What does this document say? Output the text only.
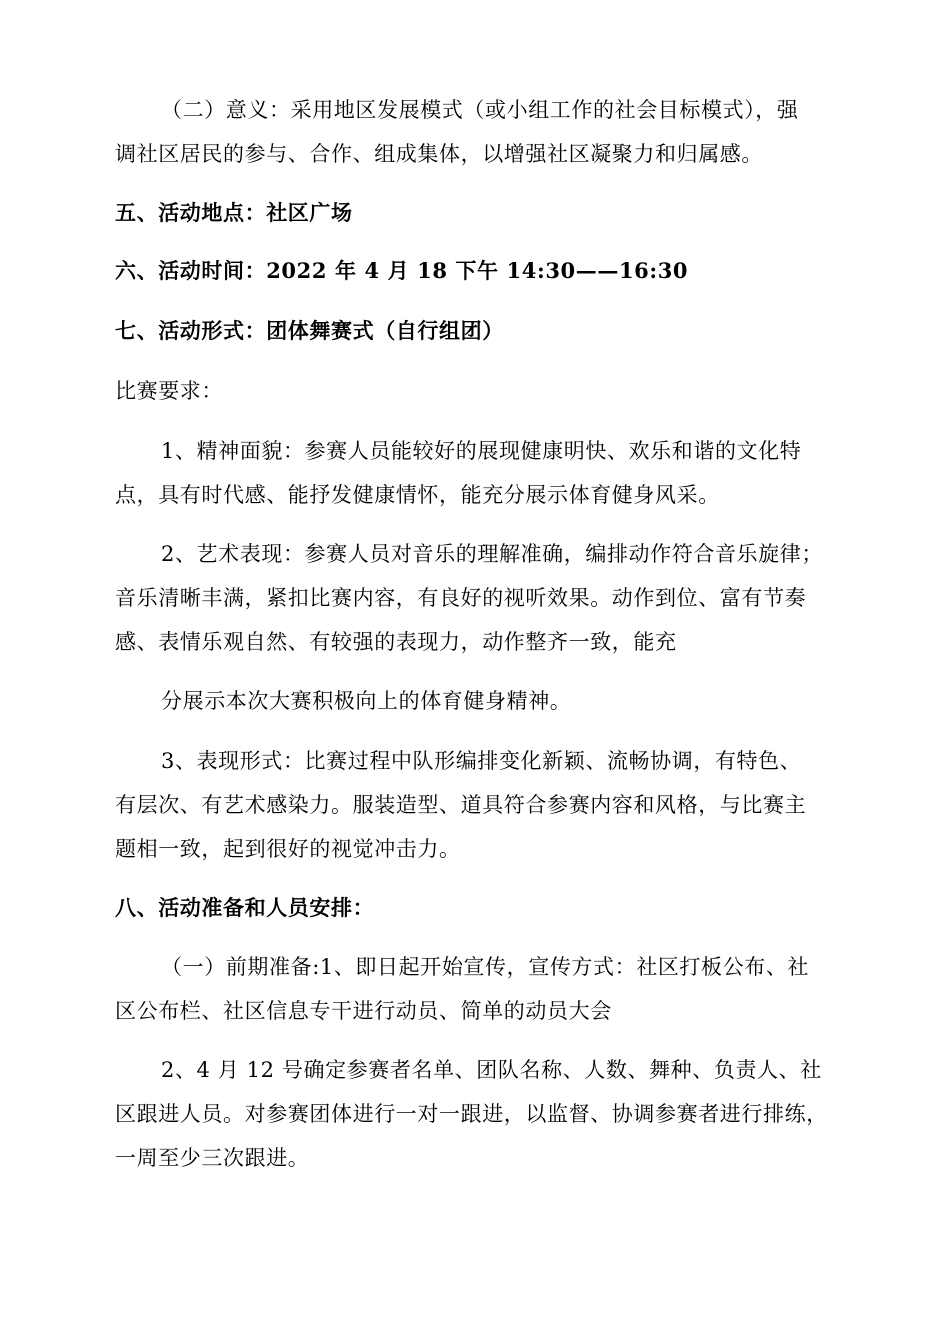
（二）意义：采用地区发展模式（或小组工作的社会目标模式），强
调社区居民的参与、合作、组成集体，以增强社区凝聚力和归属感。
五、活动地点：社区广场
六、活动时间：2022 年 4 月 18 下午 14:30——16:30
七、活动形式：团体舞赛式（自行组团）
比赛要求：
1、精神面貌：参赛人员能较好的展现健康明快、欢乐和谐的文化特
点，具有时代感、能抒发健康情怀，能充分展示体育健身风采。
2、艺术表现：参赛人员对音乐的理解准确，编排动作符合音乐旋律；
音乐清晰丰满，紧扣比赛内容，有良好的视听效果。动作到位、富有节奏
感、表情乐观自然、有较强的表现力，动作整齐一致，能充
分展示本次大赛积极向上的体育健身精神。
3、表现形式：比赛过程中队形编排变化新颖、流畅协调，有特色、
有层次、有艺术感染力。服装造型、道具符合参赛内容和风格，与比赛主
题相一致，起到很好的视觉冲击力。
八、活动准备和人员安排：
（一）前期准备:1、即日起开始宣传，宣传方式：社区打板公布、社
区公布栏、社区信息专干进行动员、简单的动员大会
2、4 月 12 号确定参赛者名单、团队名称、人数、舞种、负责人、社
区跟进人员。对参赛团体进行一对一跟进，以监督、协调参赛者进行排练，
一周至少三次跟进。
